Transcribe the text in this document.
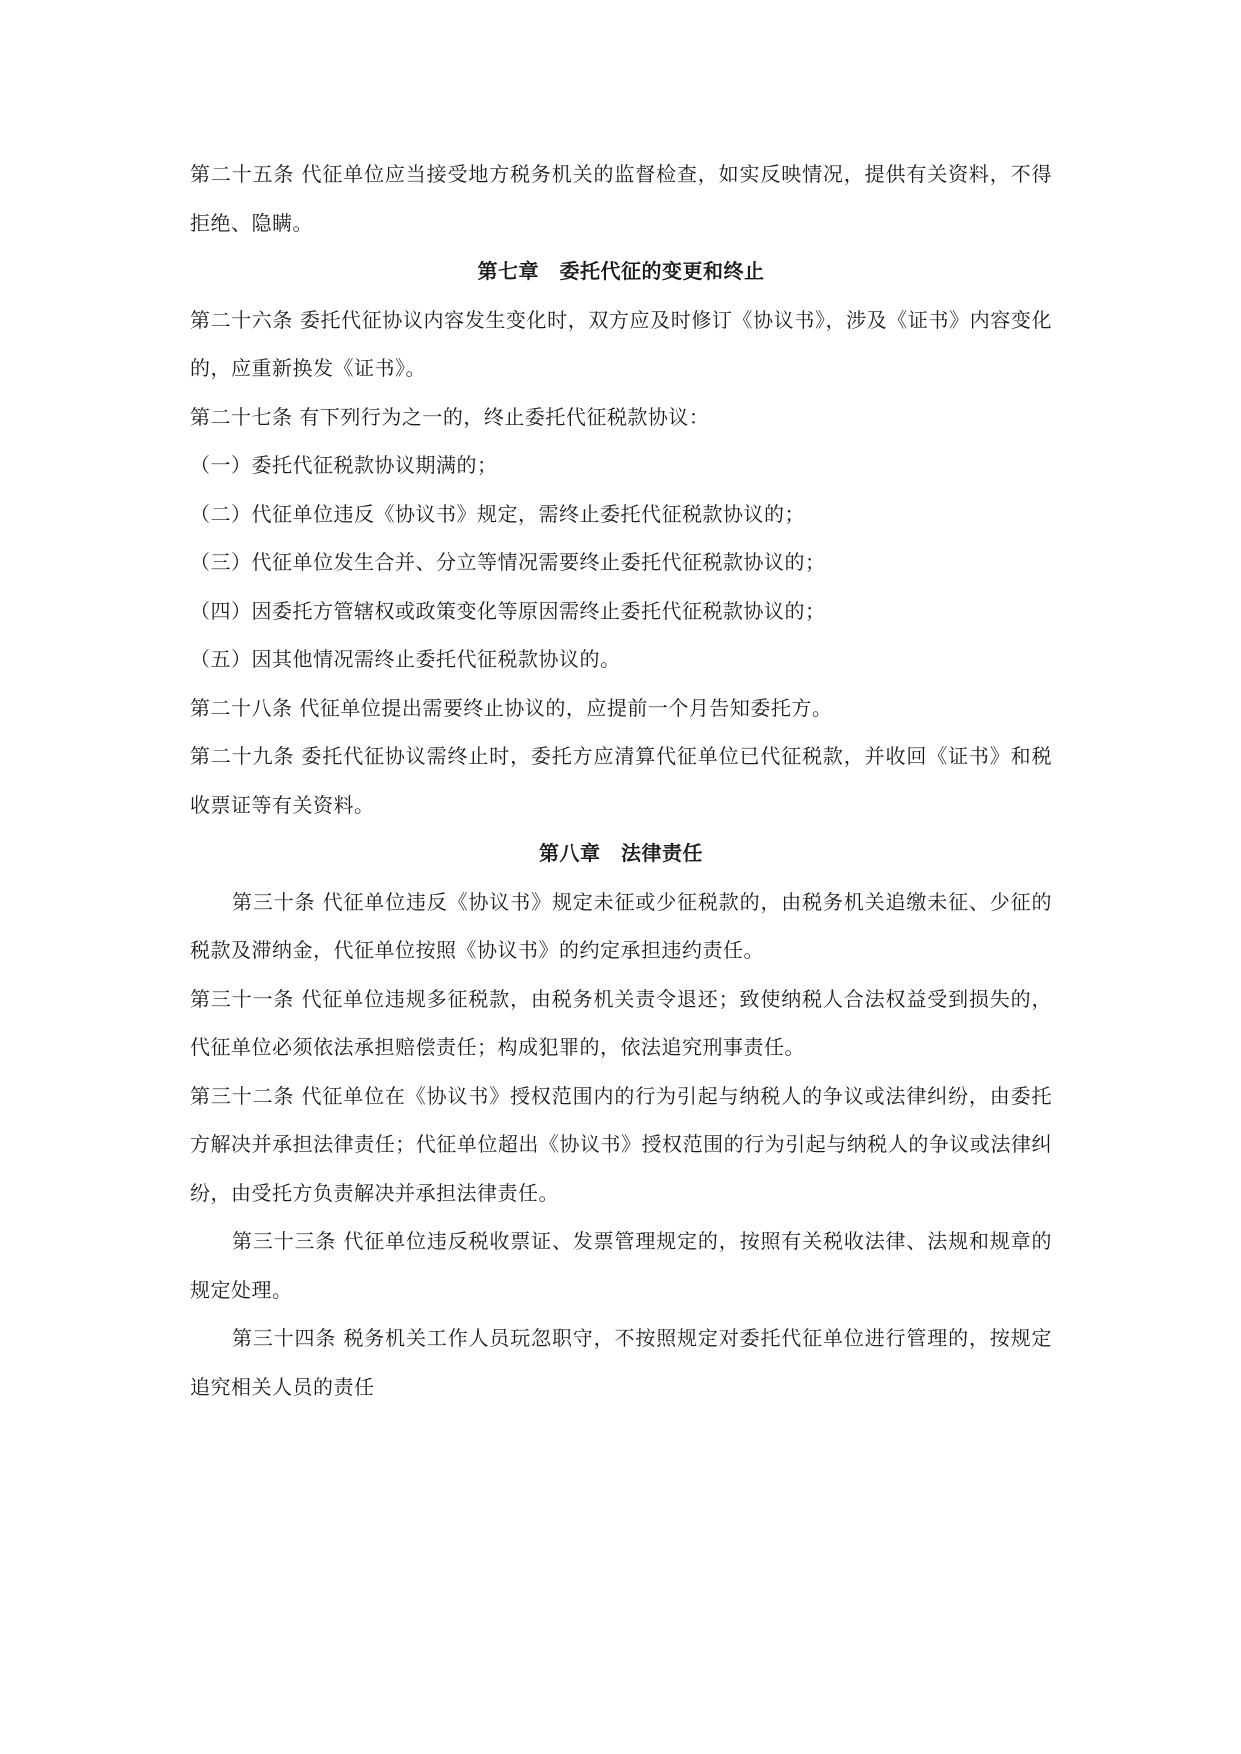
第二十五条 代征单位应当接受地方税务机关的监督检查，如实反映情况，提供有关资料，不得拒绝、隐瞒。

第七章　委托代征的变更和终止

第二十六条 委托代征协议内容发生变化时，双方应及时修订《协议书》，涉及《证书》内容变化的，应重新换发《证书》。

第二十七条 有下列行为之一的，终止委托代征税款协议：

（一）委托代征税款协议期满的；

（二）代征单位违反《协议书》规定，需终止委托代征税款协议的；

（三）代征单位发生合并、分立等情况需要终止委托代征税款协议的；

（四）因委托方管辖权或政策变化等原因需终止委托代征税款协议的；

（五）因其他情况需终止委托代征税款协议的。

第二十八条 代征单位提出需要终止协议的，应提前一个月告知委托方。

第二十九条 委托代征协议需终止时，委托方应清算代征单位已代征税款，并收回《证书》和税收票证等有关资料。

第八章　法律责任

第三十条 代征单位违反《协议书》规定未征或少征税款的，由税务机关追缴未征、少征的税款及滞纳金，代征单位按照《协议书》的约定承担违约责任。

第三十一条 代征单位违规多征税款，由税务机关责令退还；致使纳税人合法权益受到损失的，代征单位必须依法承担赔偿责任；构成犯罪的，依法追究刑事责任。

第三十二条 代征单位在《协议书》授权范围内的行为引起与纳税人的争议或法律纠纷，由委托方解决并承担法律责任；代征单位超出《协议书》授权范围的行为引起与纳税人的争议或法律纠纷，由受托方负责解决并承担法律责任。

第三十三条 代征单位违反税收票证、发票管理规定的，按照有关税收法律、法规和规章的规定处理。

第三十四条 税务机关工作人员玩忽职守，不按照规定对委托代征单位进行管理的，按规定追究相关人员的责任
